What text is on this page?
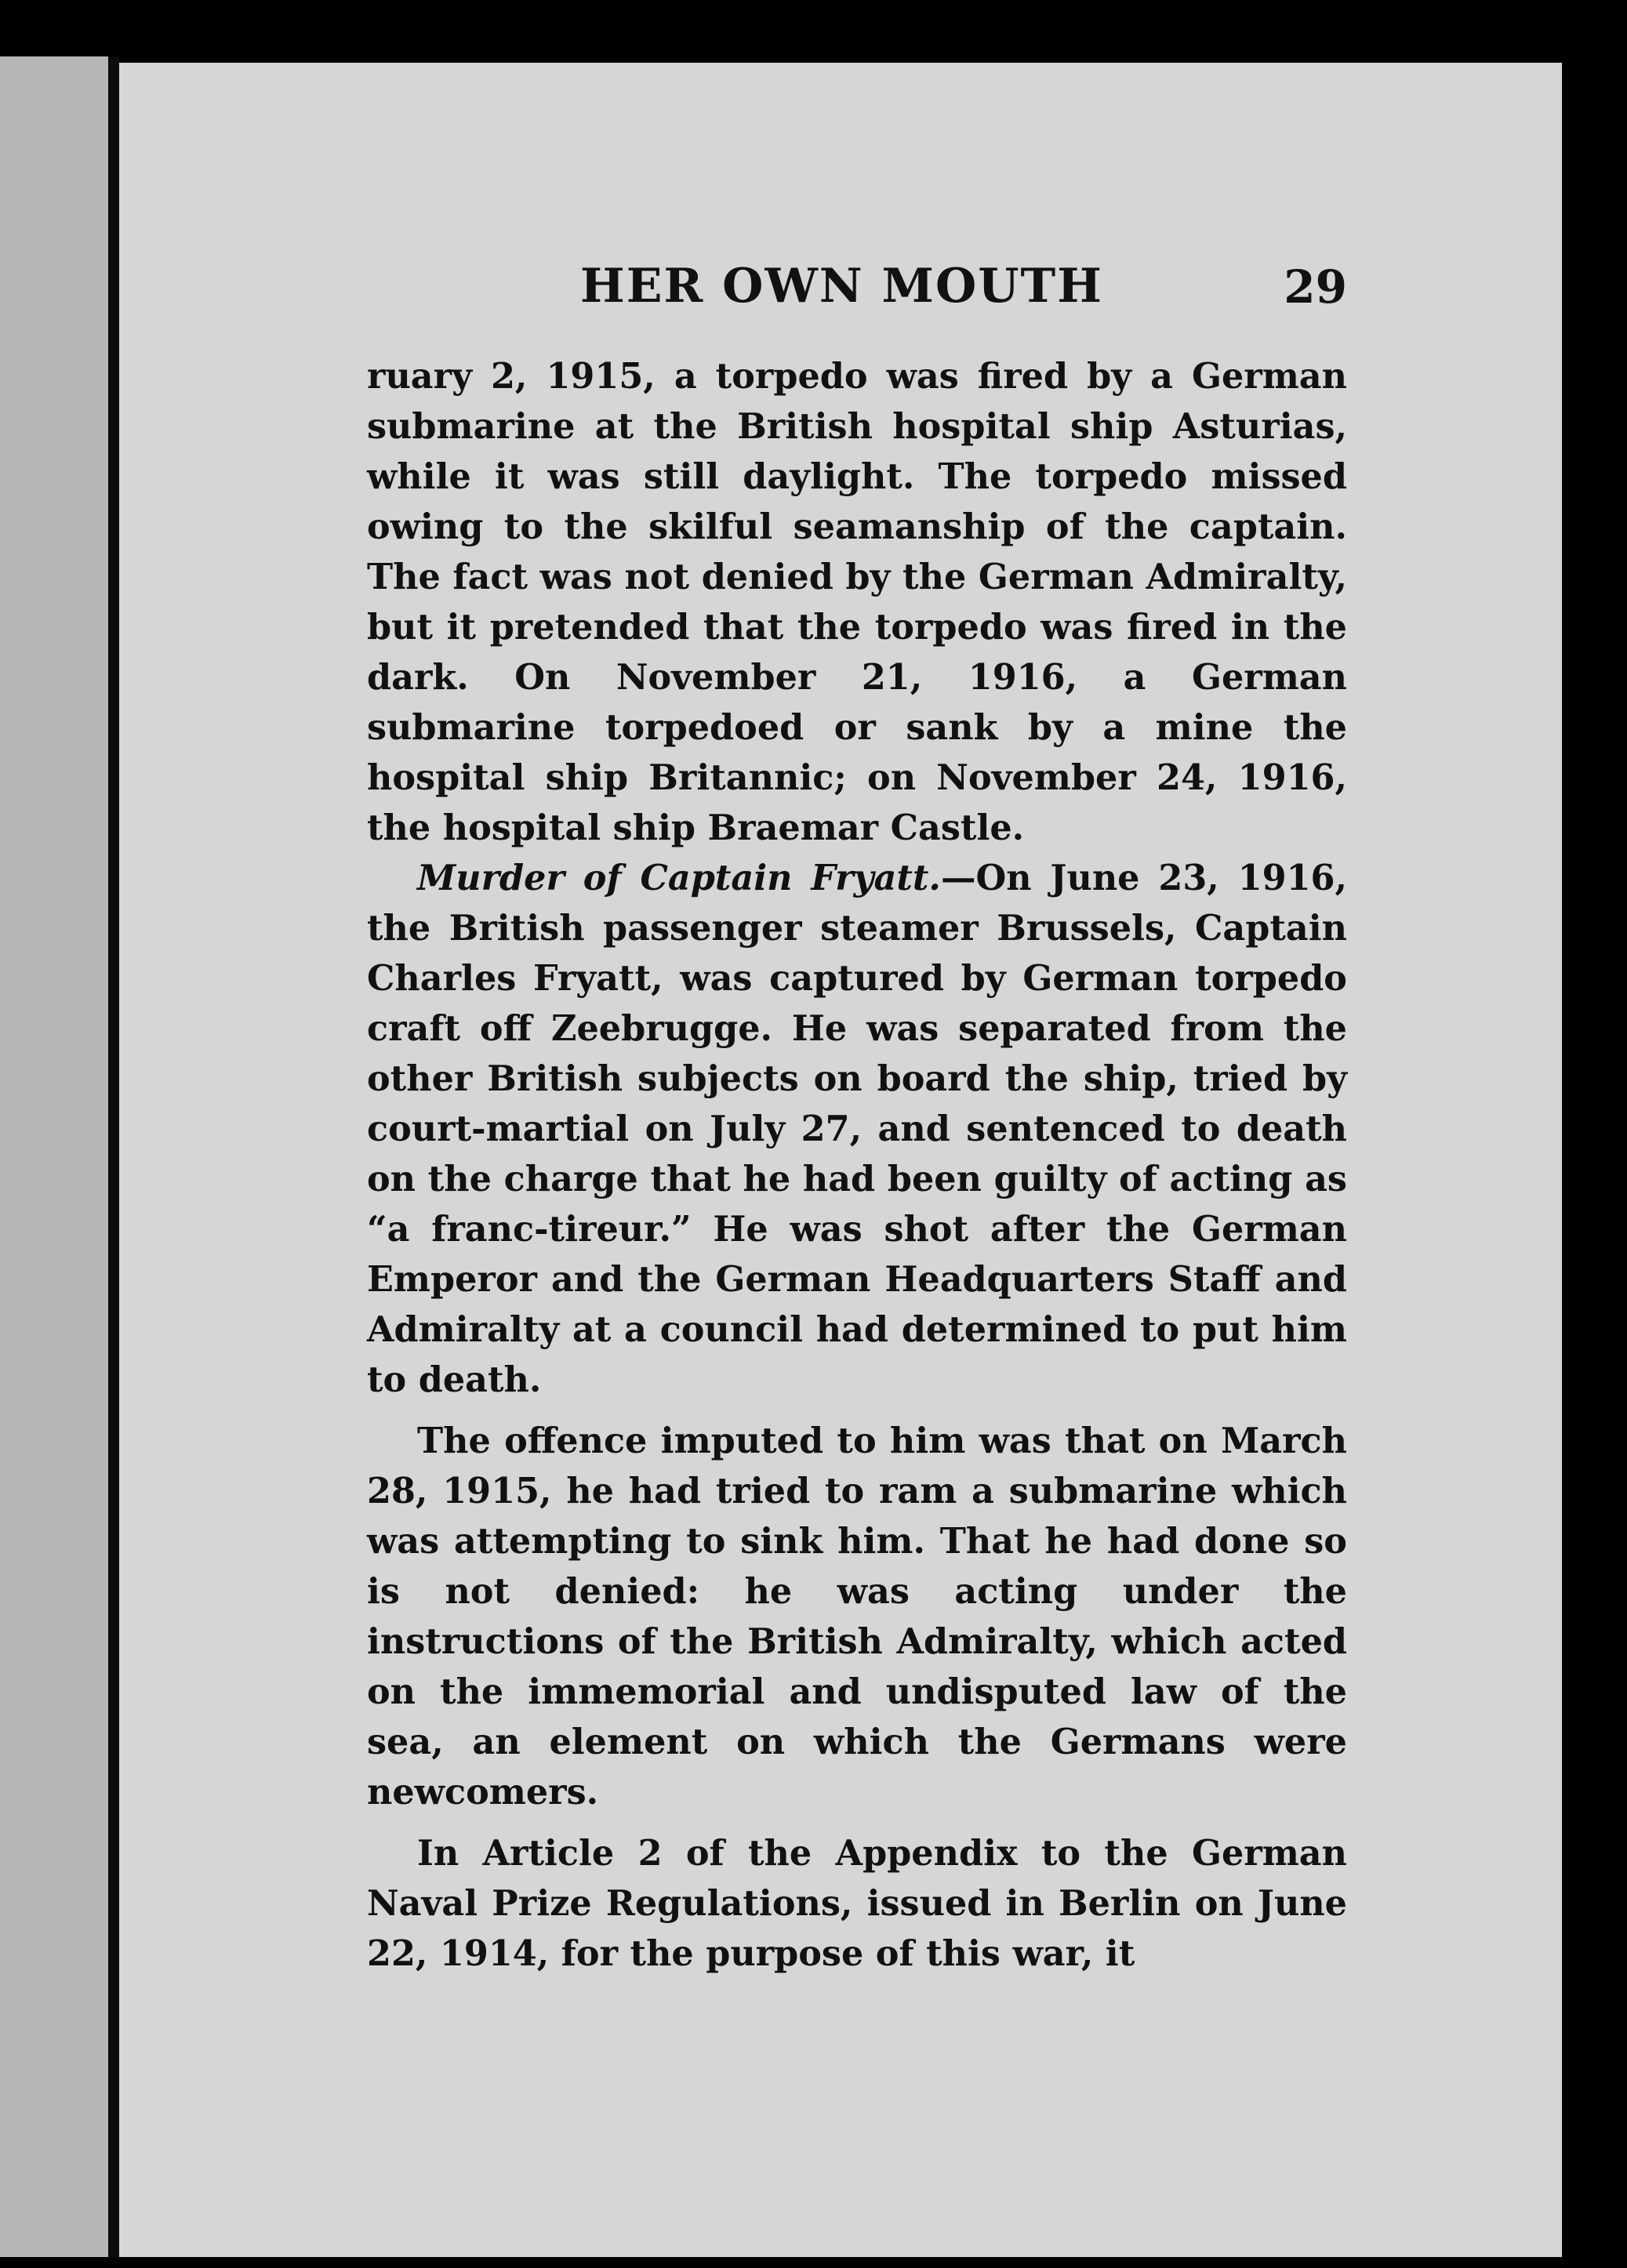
HER OWN MOUTH	29

ruary 2, 1915, a torpedo was fired by a German submarine at the British hospital ship Asturias, while it was still daylight. The torpedo missed owing to the skilful seamanship of the captain. The fact was not denied by the German Admiralty, but it pretended that the torpedo was fired in the dark. On November 21, 1916, a German submarine torpedoed or sank by a mine the hospital ship Britannic; on November 24, 1916, the hospital ship Braemar Castle.

Murder of Captain Fryatt.—On June 23, 1916, the British passenger steamer Brussels, Captain Charles Fryatt, was captured by German torpedo craft off Zeebrugge. He was separated from the other British subjects on board the ship, tried by court-martial on July 27, and sentenced to death on the charge that he had been guilty of acting as “a franc-tireur.” He was shot after the German Emperor and the German Headquarters Staff and Admiralty at a council had determined to put him to death.

The offence imputed to him was that on March 28, 1915, he had tried to ram a submarine which was attempting to sink him. That he had done so is not denied: he was acting under the instructions of the British Admiralty, which acted on the immemorial and undisputed law of the sea, an element on which the Germans were newcomers.

In Article 2 of the Appendix to the German Naval Prize Regulations, issued in Berlin on June 22, 1914, for the purpose of this war, it
